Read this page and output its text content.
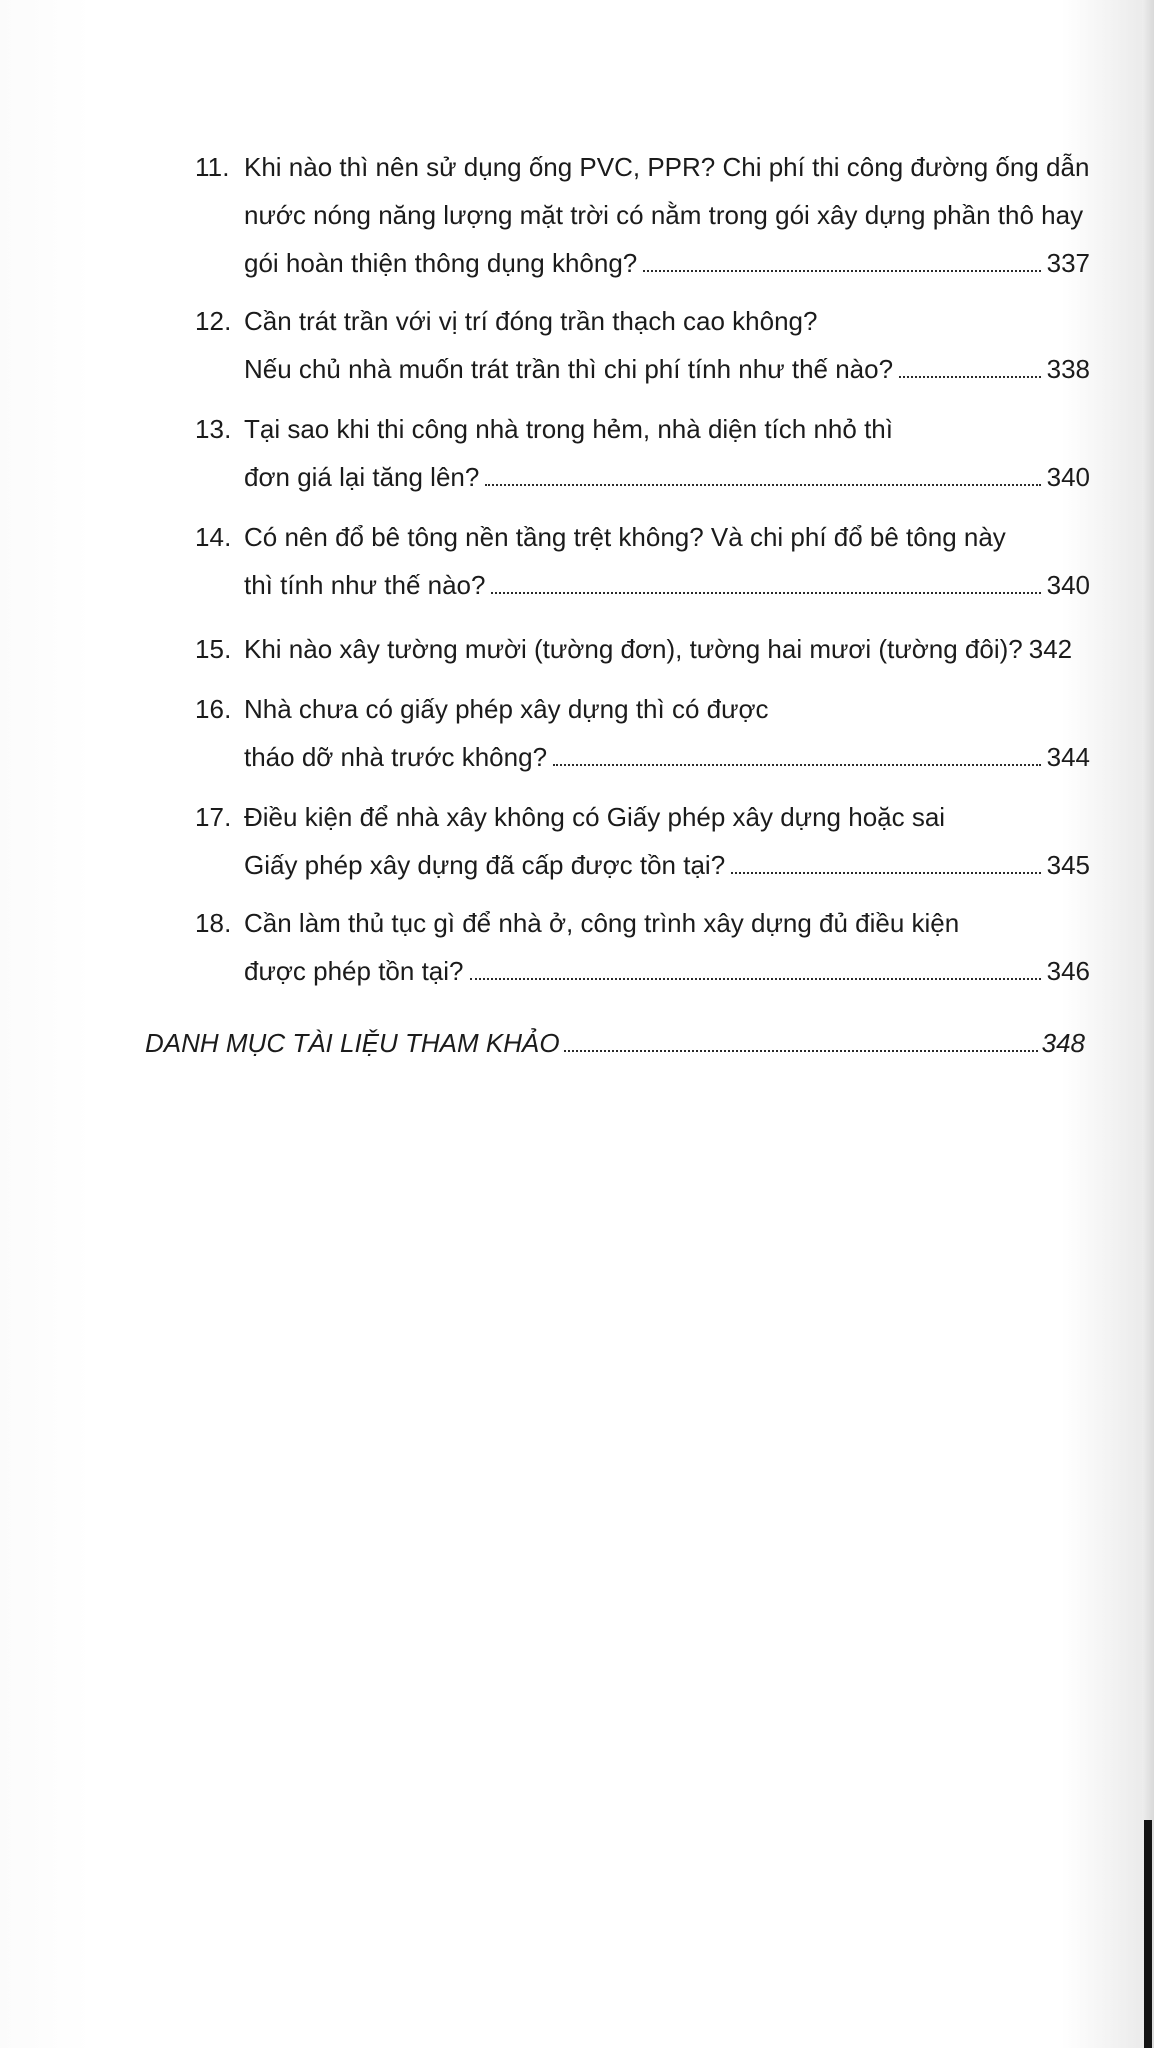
11. Khi nào thì nên sử dụng ống PVC, PPR? Chi phí thi công đường ống dẫn
nước nóng năng lượng mặt trời có nằm trong gói xây dựng phần thô hay
gói hoàn thiện thông dụng không?	337
12. Cần trát trần với vị trí đóng trần thạch cao không?
Nếu chủ nhà muốn trát trần thì chi phí tính như thế nào?	338
13. Tại sao khi thi công nhà trong hẻm, nhà diện tích nhỏ thì
đơn giá lại tăng lên?	340
14. Có nên đổ bê tông nền tầng trệt không? Và chi phí đổ bê tông này
thì tính như thế nào?	340
15. Khi nào xây tường mười (tường đơn), tường hai mươi (tường đôi)? 342
16. Nhà chưa có giấy phép xây dựng thì có được
tháo dỡ nhà trước không?	344
17. Điều kiện để nhà xây không có Giấy phép xây dựng hoặc sai
Giấy phép xây dựng đã cấp được tồn tại?	345
18. Cần làm thủ tục gì để nhà ở, công trình xây dựng đủ điều kiện
được phép tồn tại?	346
DANH MỤC TÀI LIỆU THAM KHẢO	348
